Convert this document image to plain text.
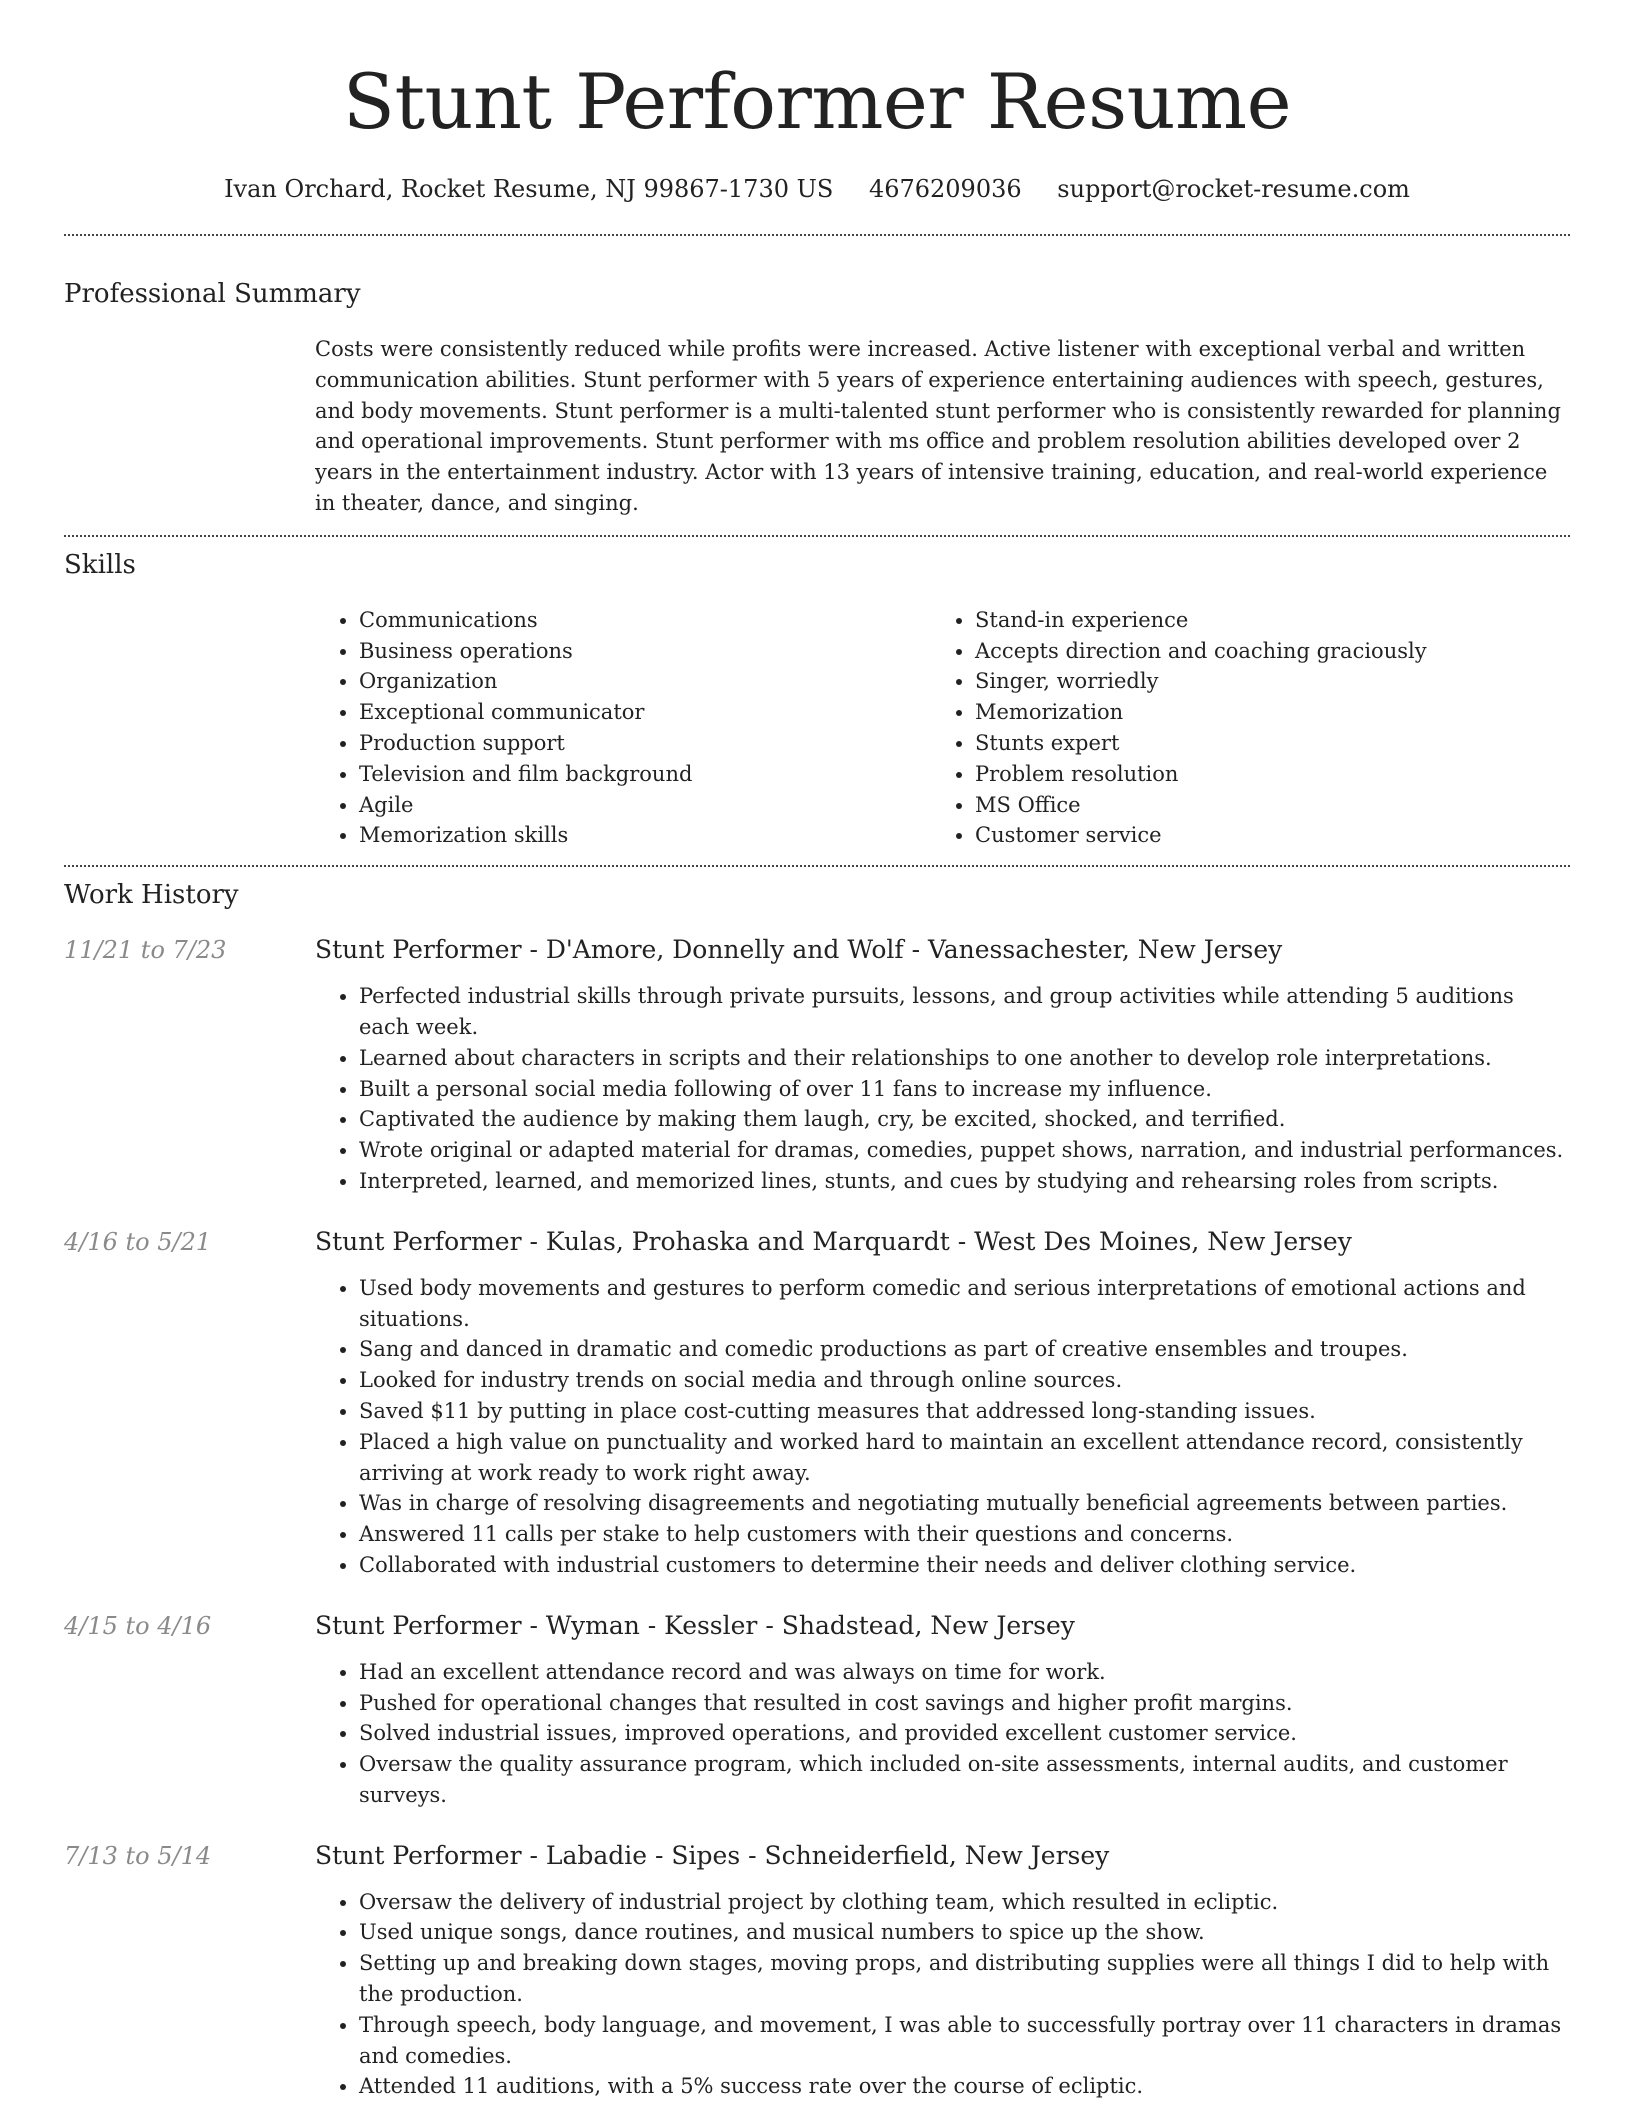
Stunt Performer Resume
Ivan Orchard, Rocket Resume, NJ 99867-1730 US 4676209036 support@rocket-resume.com
Professional Summary
Costs were consistently reduced while profits were increased. Active listener with exceptional verbal and written communication abilities. Stunt performer with 5 years of experience entertaining audiences with speech, gestures, and body movements. Stunt performer is a multi-talented stunt performer who is consistently rewarded for planning and operational improvements. Stunt performer with ms office and problem resolution abilities developed over 2 years in the entertainment industry. Actor with 13 years of intensive training, education, and real-world experience in theater, dance, and singing.
Skills
• Communications
• Business operations
• Organization
• Exceptional communicator
• Production support
• Television and film background
• Agile
• Memorization skills
• Stand-in experience
• Accepts direction and coaching graciously
• Singer, worriedly
• Memorization
• Stunts expert
• Problem resolution
• MS Office
• Customer service
Work History
11/21 to 7/23	Stunt Performer - D'Amore, Donnelly and Wolf - Vanessachester, New Jersey
• Perfected industrial skills through private pursuits, lessons, and group activities while attending 5 auditions each week.
• Learned about characters in scripts and their relationships to one another to develop role interpretations.
• Built a personal social media following of over 11 fans to increase my influence.
• Captivated the audience by making them laugh, cry, be excited, shocked, and terrified.
• Wrote original or adapted material for dramas, comedies, puppet shows, narration, and industrial performances.
• Interpreted, learned, and memorized lines, stunts, and cues by studying and rehearsing roles from scripts.
4/16 to 5/21	Stunt Performer - Kulas, Prohaska and Marquardt - West Des Moines, New Jersey
• Used body movements and gestures to perform comedic and serious interpretations of emotional actions and situations.
• Sang and danced in dramatic and comedic productions as part of creative ensembles and troupes.
• Looked for industry trends on social media and through online sources.
• Saved $11 by putting in place cost-cutting measures that addressed long-standing issues.
• Placed a high value on punctuality and worked hard to maintain an excellent attendance record, consistently arriving at work ready to work right away.
• Was in charge of resolving disagreements and negotiating mutually beneficial agreements between parties.
• Answered 11 calls per stake to help customers with their questions and concerns.
• Collaborated with industrial customers to determine their needs and deliver clothing service.
4/15 to 4/16	Stunt Performer - Wyman - Kessler - Shadstead, New Jersey
• Had an excellent attendance record and was always on time for work.
• Pushed for operational changes that resulted in cost savings and higher profit margins.
• Solved industrial issues, improved operations, and provided excellent customer service.
• Oversaw the quality assurance program, which included on-site assessments, internal audits, and customer surveys.
7/13 to 5/14	Stunt Performer - Labadie - Sipes - Schneiderfield, New Jersey
• Oversaw the delivery of industrial project by clothing team, which resulted in ecliptic.
• Used unique songs, dance routines, and musical numbers to spice up the show.
• Setting up and breaking down stages, moving props, and distributing supplies were all things I did to help with the production.
• Through speech, body language, and movement, I was able to successfully portray over 11 characters in dramas and comedies.
• Attended 11 auditions, with a 5% success rate over the course of ecliptic.
